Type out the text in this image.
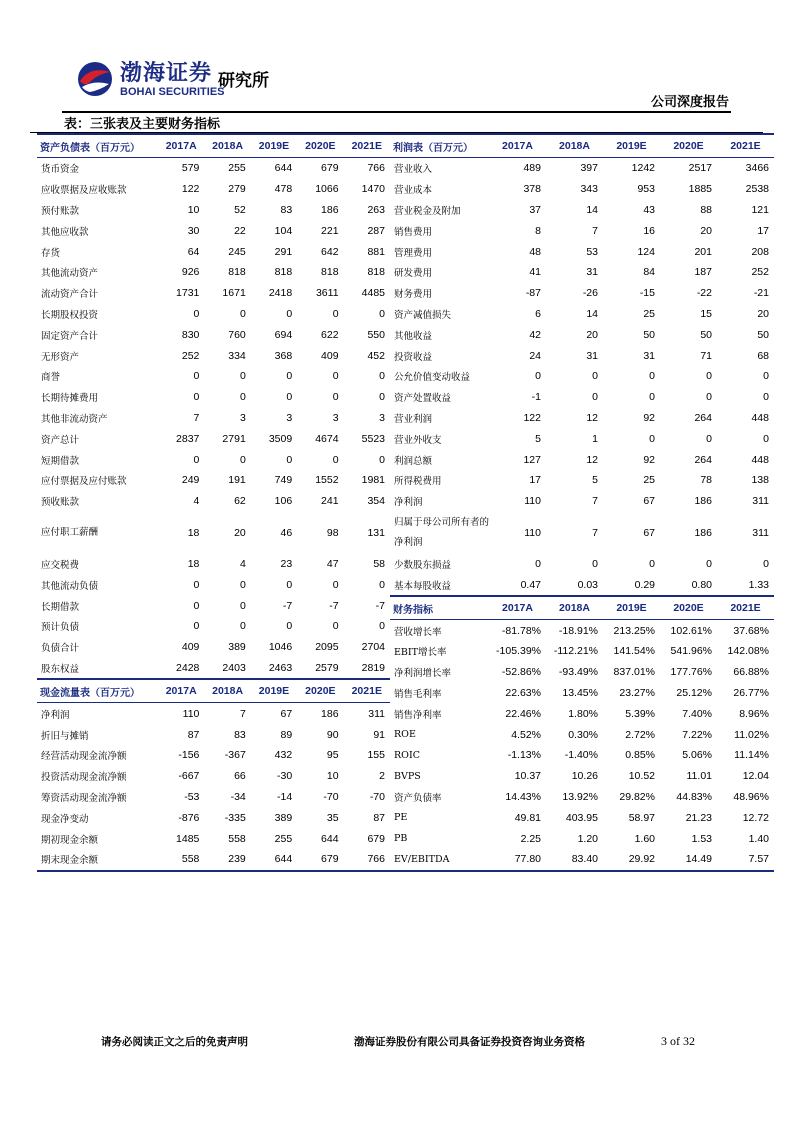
渤海证券
BOHAI SECURITIES
研究所
公司深度报告
表：三张表及主要财务指标
资产负债表（百万元）	2017A	2018A	2019E	2020E	2021E
货币资金	579	255	644	679	766
应收票据及应收账款	122	279	478	1066	1470
预付账款	10	52	83	186	263
其他应收款	30	22	104	221	287
存货	64	245	291	642	881
其他流动资产	926	818	818	818	818
流动资产合计	1731	1671	2418	3611	4485
长期股权投资	0	0	0	0	0
固定资产合计	830	760	694	622	550
无形资产	252	334	368	409	452
商誉	0	0	0	0	0
长期待摊费用	0	0	0	0	0
其他非流动资产	7	3	3	3	3
资产总计	2837	2791	3509	4674	5523
短期借款	0	0	0	0	0
应付票据及应付账款	249	191	749	1552	1981
预收账款	4	62	106	241	354
应付职工薪酬	18	20	46	98	131
应交税费	18	4	23	47	58
其他流动负债	0	0	0	0	0
长期借款	0	0	-7	-7	-7
预计负债	0	0	0	0	0
负债合计	409	389	1046	2095	2704
股东权益	2428	2403	2463	2579	2819
现金流量表（百万元）	2017A	2018A	2019E	2020E	2021E
净利润	110	7	67	186	311
折旧与摊销	87	83	89	90	91
经营活动现金流净额	-156	-367	432	95	155
投资活动现金流净额	-667	66	-30	10	2
筹资活动现金流净额	-53	-34	-14	-70	-70
现金净变动	-876	-335	389	35	87
期初现金余额	1485	558	255	644	679
期末现金余额	558	239	644	679	766
利润表（百万元）	2017A	2018A	2019E	2020E	2021E
营业收入	489	397	1242	2517	3466
营业成本	378	343	953	1885	2538
营业税金及附加	37	14	43	88	121
销售费用	8	7	16	20	17
管理费用	48	53	124	201	208
研发费用	41	31	84	187	252
财务费用	-87	-26	-15	-22	-21
资产减值损失	6	14	25	15	20
其他收益	42	20	50	50	50
投资收益	24	31	31	71	68
公允价值变动收益	0	0	0	0	0
资产处置收益	-1	0	0	0	0
营业利润	122	12	92	264	448
营业外收支	5	1	0	0	0
利润总额	127	12	92	264	448
所得税费用	17	5	25	78	138
净利润	110	7	67	186	311
归属于母公司所有者的净利润	110	7	67	186	311
少数股东损益	0	0	0	0	0
基本每股收益	0.47	0.03	0.29	0.80	1.33
财务指标	2017A	2018A	2019E	2020E	2021E
营收增长率	-81.78%	-18.91%	213.25%	102.61%	37.68%
EBIT增长率	-105.39%	-112.21%	141.54%	541.96%	142.08%
净利润增长率	-52.86%	-93.49%	837.01%	177.76%	66.88%
销售毛利率	22.63%	13.45%	23.27%	25.12%	26.77%
销售净利率	22.46%	1.80%	5.39%	7.40%	8.96%
ROE	4.52%	0.30%	2.72%	7.22%	11.02%
ROIC	-1.13%	-1.40%	0.85%	5.06%	11.14%
BVPS	10.37	10.26	10.52	11.01	12.04
资产负债率	14.43%	13.92%	29.82%	44.83%	48.96%
PE	49.81	403.95	58.97	21.23	12.72
PB	2.25	1.20	1.60	1.53	1.40
EV/EBITDA	77.80	83.40	29.92	14.49	7.57
请务必阅读正文之后的免责声明	渤海证券股份有限公司具备证券投资咨询业务资格	3 of 32
